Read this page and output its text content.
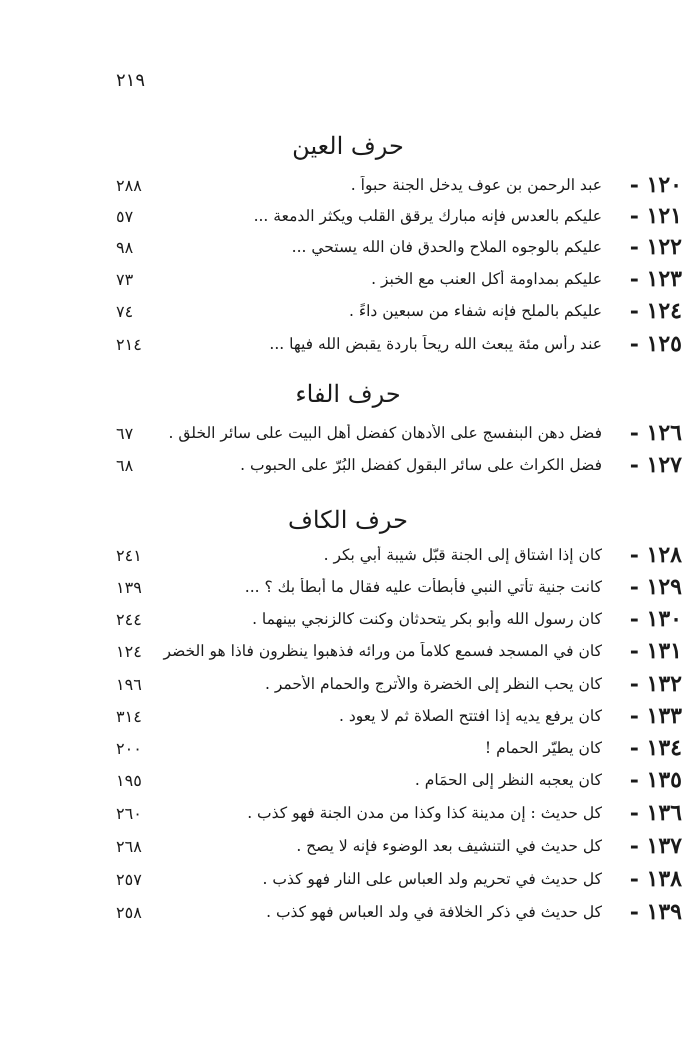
٢١٩
حرف العين
حرف الفاء
حرف الكاف
١٢٠ -
عبد الرحمن بن عوف يدخل الجنة حبواً .
٢٨٨
١٢١ -
عليكم بالعدس فإنه مبارك يرقق القلب ويكثر الدمعة ...
٥٧
١٢٢ -
عليكم بالوجوه الملاح والحدق فان الله يستحي ...
٩٨
١٢٣ -
عليكم بمداومة أكل العنب مع الخبز .
٧٣
١٢٤ -
عليكم بالملح فإنه شفاء من سبعين داءً .
٧٤
١٢٥ -
عند رأس مئة يبعث الله ريحاً باردة يقبض الله فيها ...
٢١٤
١٢٦ -
فضل دهن البنفسج على الأدهان كفضل أهل البيت على سائر الخلق .
٦٧
١٢٧ -
فضل الكراث على سائر البقول كفضل البُرّ على الحبوب .
٦٨
١٢٨ -
كان إذا اشتاق إلى الجنة قبّل شيبة أبي بكر .
٢٤١
١٢٩ -
كانت جنية تأتي النبي فأبطأت عليه فقال ما أبطأ بك ؟ ...
١٣٩
١٣٠ -
كان رسول الله وأبو بكر يتحدثان وكنت كالزنجي بينهما .
٢٤٤
١٣١ -
كان في المسجد فسمع كلاماً من ورائه فذهبوا ينظرون فاذا هو الخضر
١٢٤
١٣٢ -
كان يحب النظر إلى الخضرة والأترج والحمام الأحمر .
١٩٦
١٣٣ -
كان يرفع يديه إذا افتتح الصلاة ثم لا يعود .
٣١٤
١٣٤ -
كان يطيّر الحمام !
٢٠٠
١٣٥ -
كان يعجبه النظر إلى الحمَام .
١٩٥
١٣٦ -
كل حديث : إن مدينة كذا وكذا من مدن الجنة فهو كذب .
٢٦٠
١٣٧ -
كل حديث في التنشيف بعد الوضوء فإنه لا يصح .
٢٦٨
١٣٨ -
كل حديث في تحريم ولد العباس على النار فهو كذب .
٢٥٧
١٣٩ -
كل حديث في ذكر الخلافة في ولد العباس فهو كذب .
٢٥٨
